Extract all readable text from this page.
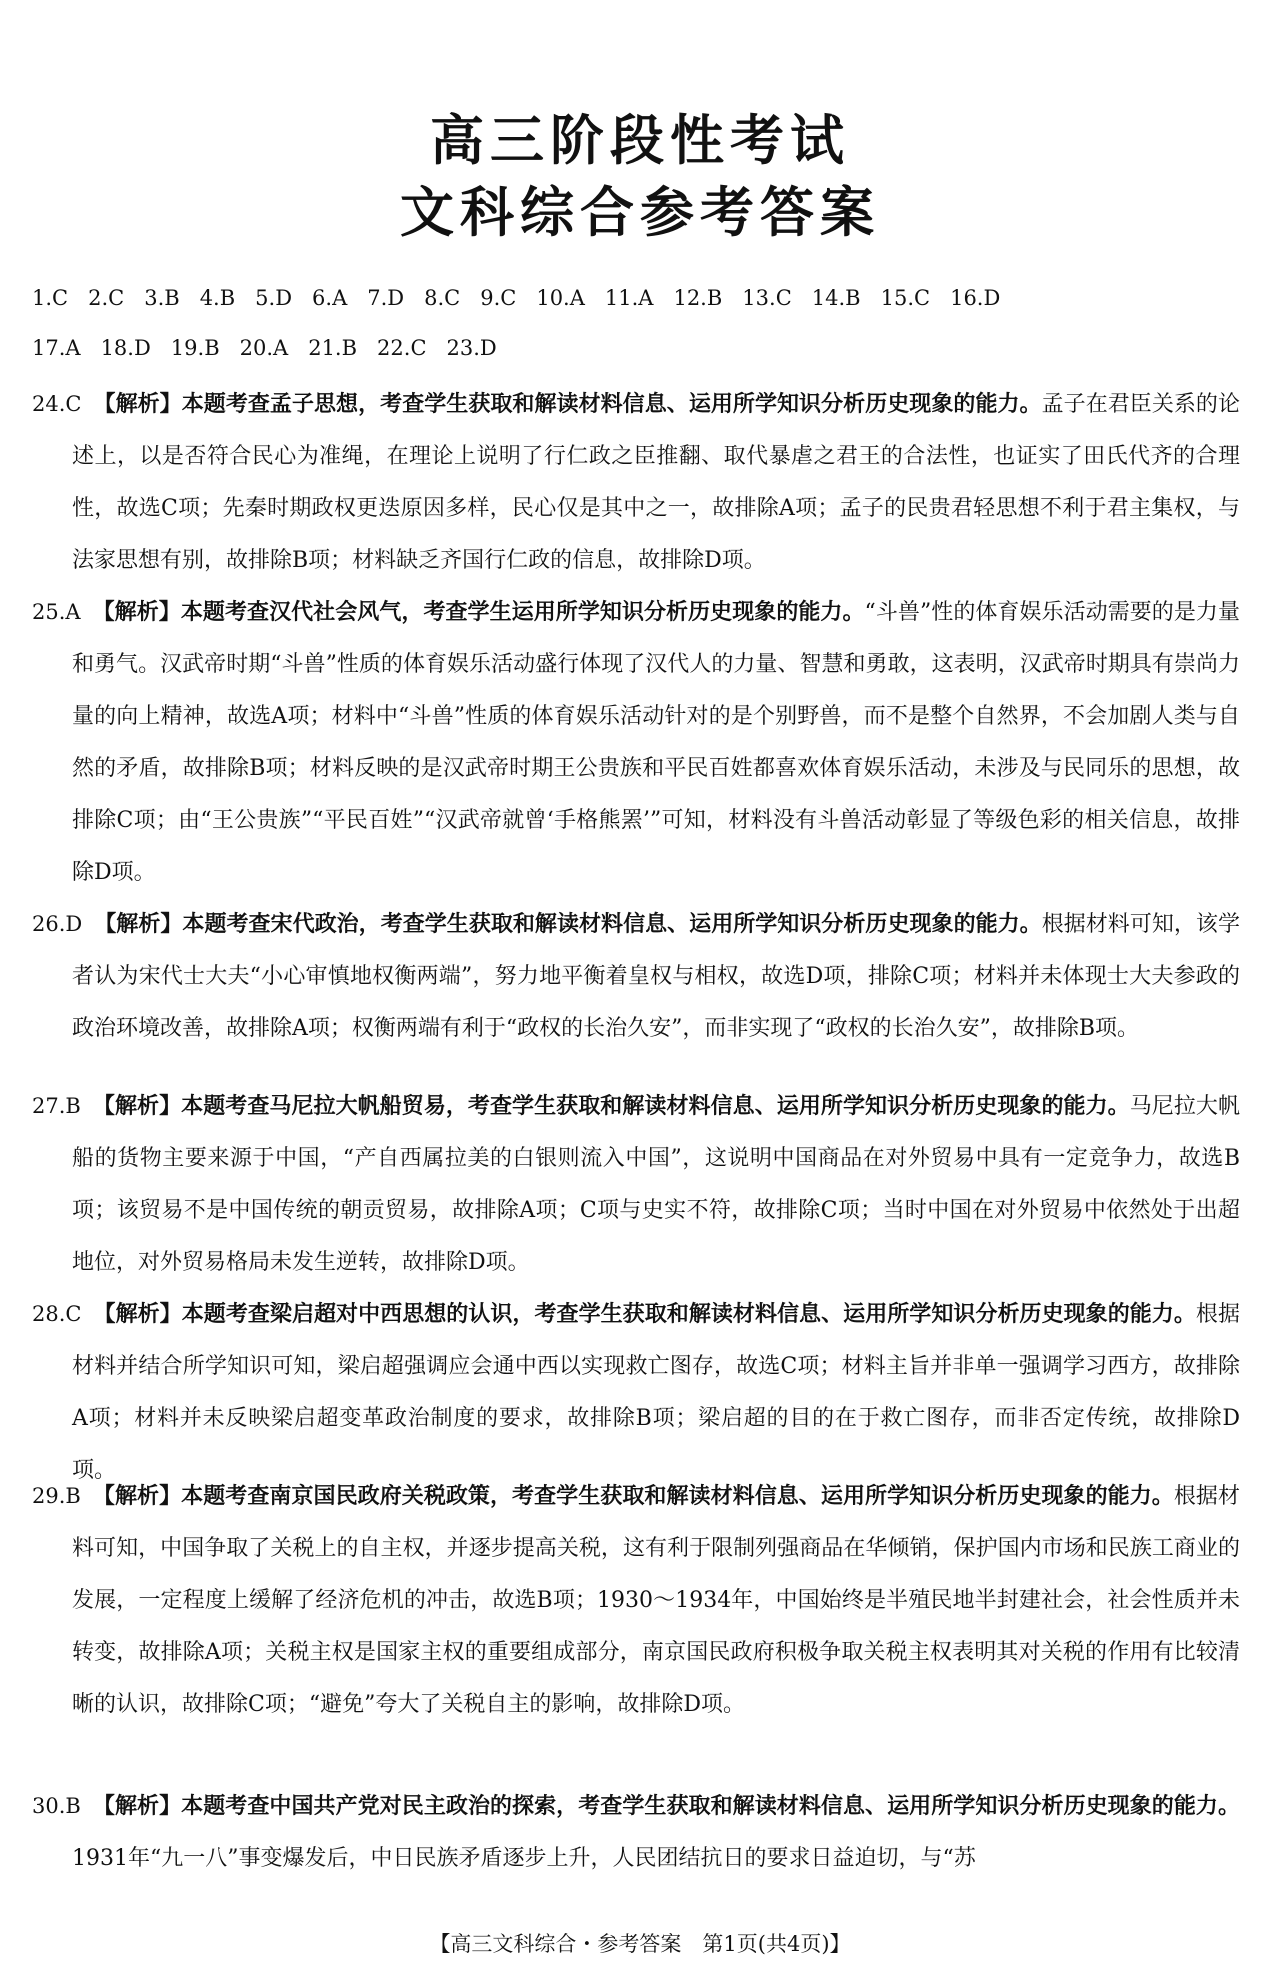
高三阶段性考试
文科综合参考答案
1.C 2.C 3.B 4.B 5.D 6.A 7.D 8.C 9.C 10.A 11.A 12.B 13.C 14.B 15.C 16.D
17.A 18.D 19.B 20.A 21.B 22.C 23.D

24.C 【解析】本题考查孟子思想，考查学生获取和解读材料信息、运用所学知识分析历史现象的能力。孟子在君臣关系的论述上，以是否符合民心为准绳，在理论上说明了行仁政之臣推翻、取代暴虐之君王的合法性，也证实了田氏代齐的合理性，故选C项；先秦时期政权更迭原因多样，民心仅是其中之一，故排除A项；孟子的民贵君轻思想不利于君主集权，与法家思想有别，故排除B项；材料缺乏齐国行仁政的信息，故排除D项。

25.A 【解析】本题考查汉代社会风气，考查学生运用所学知识分析历史现象的能力。“斗兽”性的体育娱乐活动需要的是力量和勇气。汉武帝时期“斗兽”性质的体育娱乐活动盛行体现了汉代人的力量、智慧和勇敢，这表明，汉武帝时期具有崇尚力量的向上精神，故选A项；材料中“斗兽”性质的体育娱乐活动针对的是个别野兽，而不是整个自然界，不会加剧人类与自然的矛盾，故排除B项；材料反映的是汉武帝时期王公贵族和平民百姓都喜欢体育娱乐活动，未涉及与民同乐的思想，故排除C项；由“王公贵族”“平民百姓”“汉武帝就曾‘手格熊罴’”可知，材料没有斗兽活动彰显了等级色彩的相关信息，故排除D项。

26.D 【解析】本题考查宋代政治，考查学生获取和解读材料信息、运用所学知识分析历史现象的能力。根据材料可知，该学者认为宋代士大夫“小心审慎地权衡两端”，努力地平衡着皇权与相权，故选D项，排除C项；材料并未体现士大夫参政的政治环境改善，故排除A项；权衡两端有利于“政权的长治久安”，而非实现了“政权的长治久安”，故排除B项。

27.B 【解析】本题考查马尼拉大帆船贸易，考查学生获取和解读材料信息、运用所学知识分析历史现象的能力。马尼拉大帆船的货物主要来源于中国，“产自西属拉美的白银则流入中国”，这说明中国商品在对外贸易中具有一定竞争力，故选B项；该贸易不是中国传统的朝贡贸易，故排除A项；C项与史实不符，故排除C项；当时中国在对外贸易中依然处于出超地位，对外贸易格局未发生逆转，故排除D项。

28.C 【解析】本题考查梁启超对中西思想的认识，考查学生获取和解读材料信息、运用所学知识分析历史现象的能力。根据材料并结合所学知识可知，梁启超强调应会通中西以实现救亡图存，故选C项；材料主旨并非单一强调学习西方，故排除A项；材料并未反映梁启超变革政治制度的要求，故排除B项；梁启超的目的在于救亡图存，而非否定传统，故排除D项。

29.B 【解析】本题考查南京国民政府关税政策，考查学生获取和解读材料信息、运用所学知识分析历史现象的能力。根据材料可知，中国争取了关税上的自主权，并逐步提高关税，这有利于限制列强商品在华倾销，保护国内市场和民族工商业的发展，一定程度上缓解了经济危机的冲击，故选B项；1930～1934年，中国始终是半殖民地半封建社会，社会性质并未转变，故排除A项；关税主权是国家主权的重要组成部分，南京国民政府积极争取关税主权表明其对关税的作用有比较清晰的认识，故排除C项；“避免”夸大了关税自主的影响，故排除D项。

30.B 【解析】本题考查中国共产党对民主政治的探索，考查学生获取和解读材料信息、运用所学知识分析历史现象的能力。1931年“九一八”事变爆发后，中日民族矛盾逐步上升，人民团结抗日的要求日益迫切，与“苏

【高三文科综合・参考答案　第1页(共4页)】
